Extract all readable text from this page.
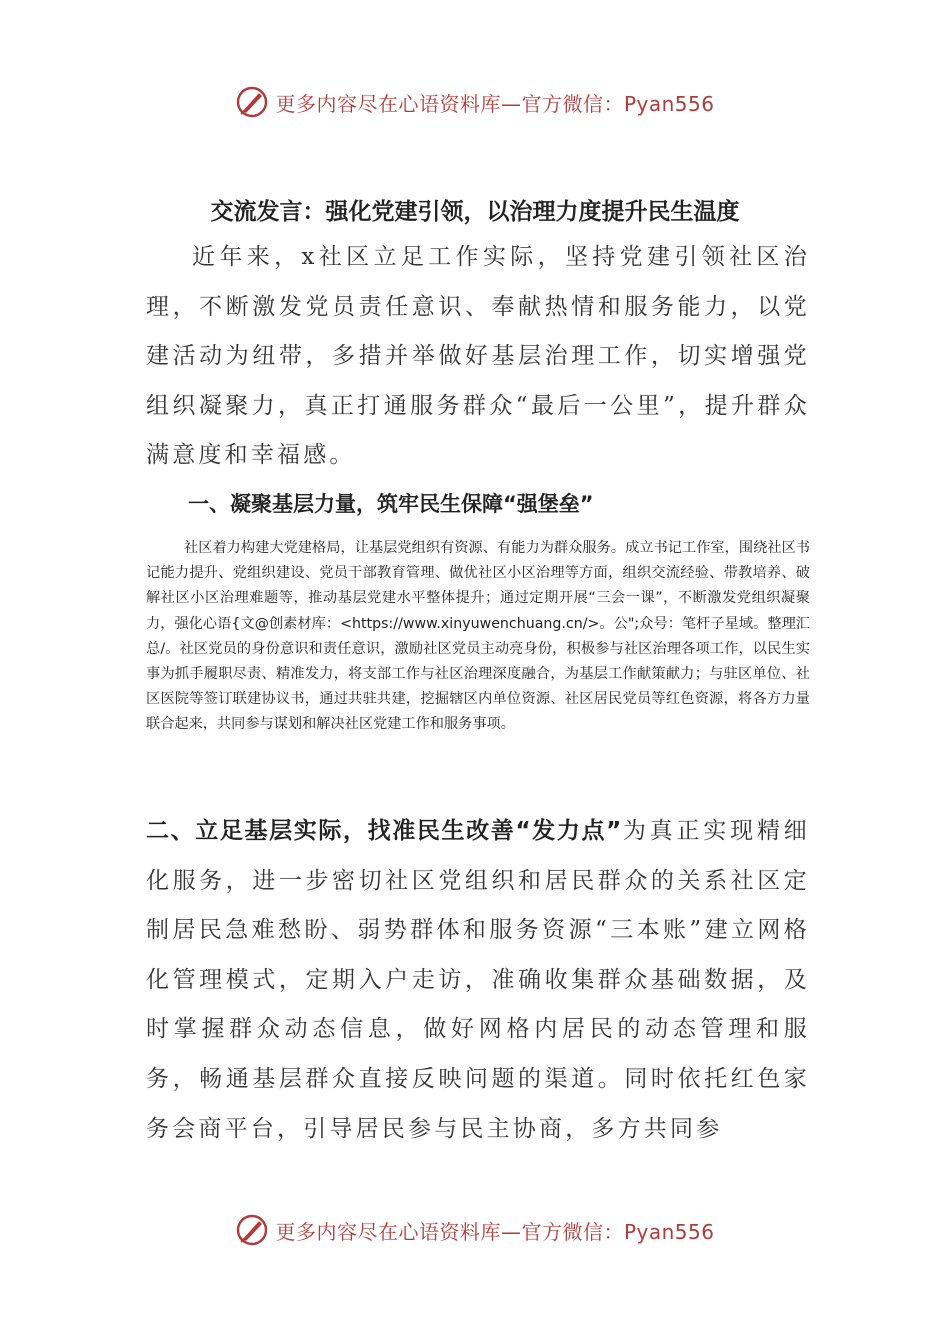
更多内容尽在心语资料库—官方微信：Pyan556
交流发言：强化党建引领，以治理力度提升民生温度

近年来，x社区立足工作实际，坚持党建引领社区治理，不断激发党员责任意识、奉献热情和服务能力，以党建活动为纽带，多措并举做好基层治理工作，切实增强党组织凝聚力，真正打通服务群众“最后一公里”，提升群众满意度和幸福感。

一、凝聚基层力量，筑牢民生保障“强堡垒”

社区着力构建大党建格局，让基层党组织有资源、有能力为群众服务。成立书记工作室，围绕社区书记能力提升、党组织建设、党员干部教育管理、做优社区小区治理等方面，组织交流经验、带教培养、破解社区小区治理难题等，推动基层党建水平整体提升；通过定期开展“三会一课”，不断激发党组织凝聚力，强化心语{文@创素材库：<https://www.xinyuwenchuang.cn/>。公";众号：笔杆子星域。整理汇总/。社区党员的身份意识和责任意识，激励社区党员主动亮身份，积极参与社区治理各项工作，以民生实事为抓手履职尽责、精准发力，将支部工作与社区治理深度融合，为基层工作献策献力；与驻区单位、社区医院等签订联建协议书，通过共驻共建，挖掘辖区内单位资源、社区居民党员等红色资源，将各方力量联合起来，共同参与谋划和解决社区党建工作和服务事项。

二、立足基层实际，找准民生改善“发力点”为真正实现精细化服务，进一步密切社区党组织和居民群众的关系社区定制居民急难愁盼、弱势群体和服务资源“三本账”建立网格化管理模式，定期入户走访，准确收集群众基础数据，及时掌握群众动态信息，做好网格内居民的动态管理和服务，畅通基层群众直接反映问题的渠道。同时依托红色家务会商平台，引导居民参与民主协商，多方共同参

更多内容尽在心语资料库—官方微信：Pyan556
